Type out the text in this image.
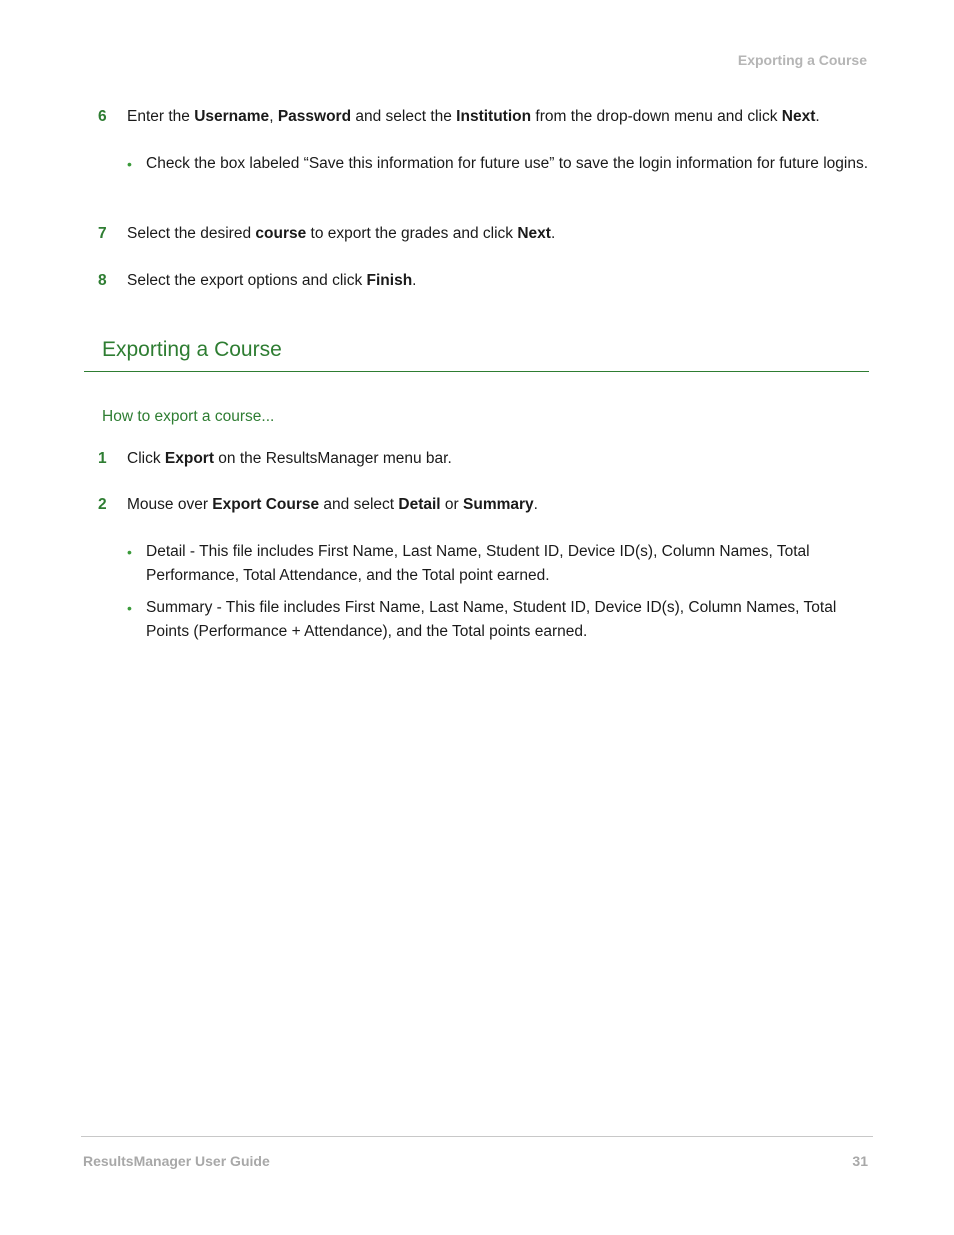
Exporting a Course
6 Enter the Username, Password and select the Institution from the drop-down menu and click Next.
• Check the box labeled “Save this information for future use” to save the login information for future logins.
7 Select the desired course to export the grades and click Next.
8 Select the export options and click Finish.
Exporting a Course
How to export a course...
1 Click Export on the ResultsManager menu bar.
2 Mouse over Export Course and select Detail or Summary.
• Detail - This file includes First Name, Last Name, Student ID, Device ID(s), Column Names, Total Performance, Total Attendance, and the Total point earned.
• Summary - This file includes First Name, Last Name, Student ID, Device ID(s), Column Names, Total Points (Performance + Attendance), and the Total points earned.
ResultsManager User Guide	31
